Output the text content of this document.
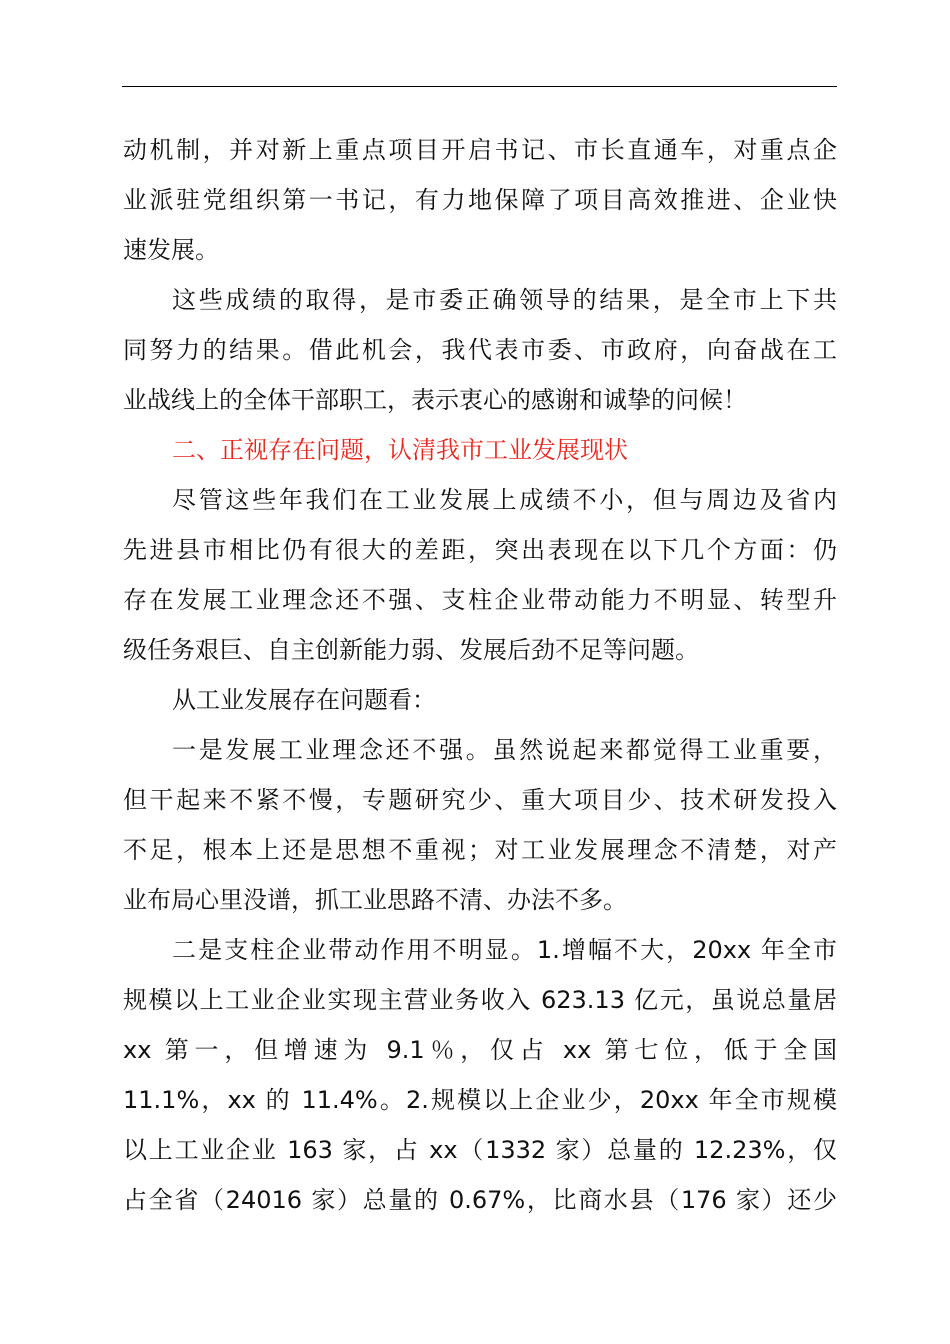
动机制，并对新上重点项目开启书记、市长直通车，对重点企
业派驻党组织第一书记，有力地保障了项目高效推进、企业快
速发展。
这些成绩的取得，是市委正确领导的结果，是全市上下共
同努力的结果。借此机会，我代表市委、市政府，向奋战在工
业战线上的全体干部职工，表示衷心的感谢和诚挚的问候！
二、正视存在问题，认清我市工业发展现状
尽管这些年我们在工业发展上成绩不小，但与周边及省内
先进县市相比仍有很大的差距，突出表现在以下几个方面：仍
存在发展工业理念还不强、支柱企业带动能力不明显、转型升
级任务艰巨、自主创新能力弱、发展后劲不足等问题。
从工业发展存在问题看：
一是发展工业理念还不强。虽然说起来都觉得工业重要，
但干起来不紧不慢，专题研究少、重大项目少、技术研发投入
不足，根本上还是思想不重视；对工业发展理念不清楚，对产
业布局心里没谱，抓工业思路不清、办法不多。
二是支柱企业带动作用不明显。1.增幅不大，20xx 年全市
规模以上工业企业实现主营业务收入 623.13 亿元，虽说总量居
xx 第一，但增速为 9.1％，仅占 xx 第七位，低于全国
11.1%，xx 的 11.4%。2.规模以上企业少，20xx 年全市规模
以上工业企业 163 家，占 xx（1332 家）总量的 12.23%，仅
占全省（24016 家）总量的 0.67%，比商水县（176 家）还少
